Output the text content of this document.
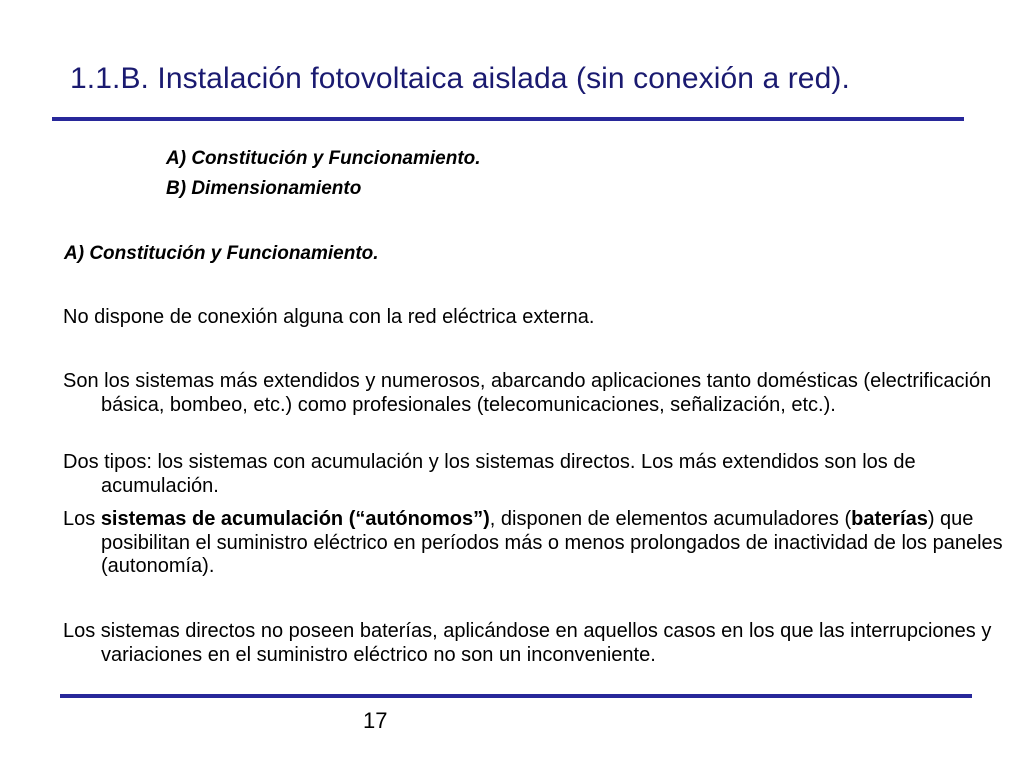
1.1.B. Instalación fotovoltaica aislada (sin conexión a red).
A) Constitución y Funcionamiento.
B) Dimensionamiento
A) Constitución y Funcionamiento.
No dispone de conexión alguna con la red eléctrica externa.
Son los sistemas más extendidos y numerosos, abarcando aplicaciones tanto domésticas (electrificación básica, bombeo, etc.) como profesionales (telecomunicaciones, señalización, etc.).
Dos tipos: los sistemas con acumulación y los sistemas directos. Los más extendidos son los de acumulación.
Los sistemas de acumulación (“autónomos”), disponen de elementos acumuladores (baterías) que posibilitan el suministro eléctrico en períodos más o menos prolongados de inactividad de los paneles (autonomía).
Los sistemas directos no poseen baterías, aplicándose en aquellos casos en los que las interrupciones y variaciones en el suministro eléctrico no son un inconveniente.
17
